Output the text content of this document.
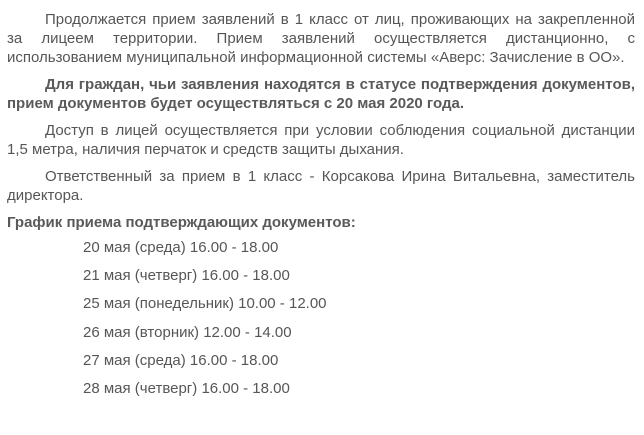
Продолжается прием заявлений в 1 класс от лиц, проживающих на закрепленной за лицеем территории. Прием заявлений осуществляется дистанционно, с использованием муниципальной информационной системы «Аверс: Зачисление в ОО».

Для граждан, чьи заявления находятся в статусе подтверждения документов, прием документов будет осуществляться с 20 мая 2020 года.

Доступ в лицей осуществляется при условии соблюдения социальной дистанции 1,5 метра, наличия перчаток и средств защиты дыхания.

Ответственный за прием в 1 класс - Корсакова Ирина Витальевна, заместитель директора.

График приема подтверждающих документов:
20 мая (среда) 16.00 - 18.00
21 мая (четверг) 16.00 - 18.00
25 мая (понедельник) 10.00 - 12.00
26 мая (вторник) 12.00 - 14.00
27 мая (среда) 16.00 - 18.00
28 мая (четверг) 16.00 - 18.00
